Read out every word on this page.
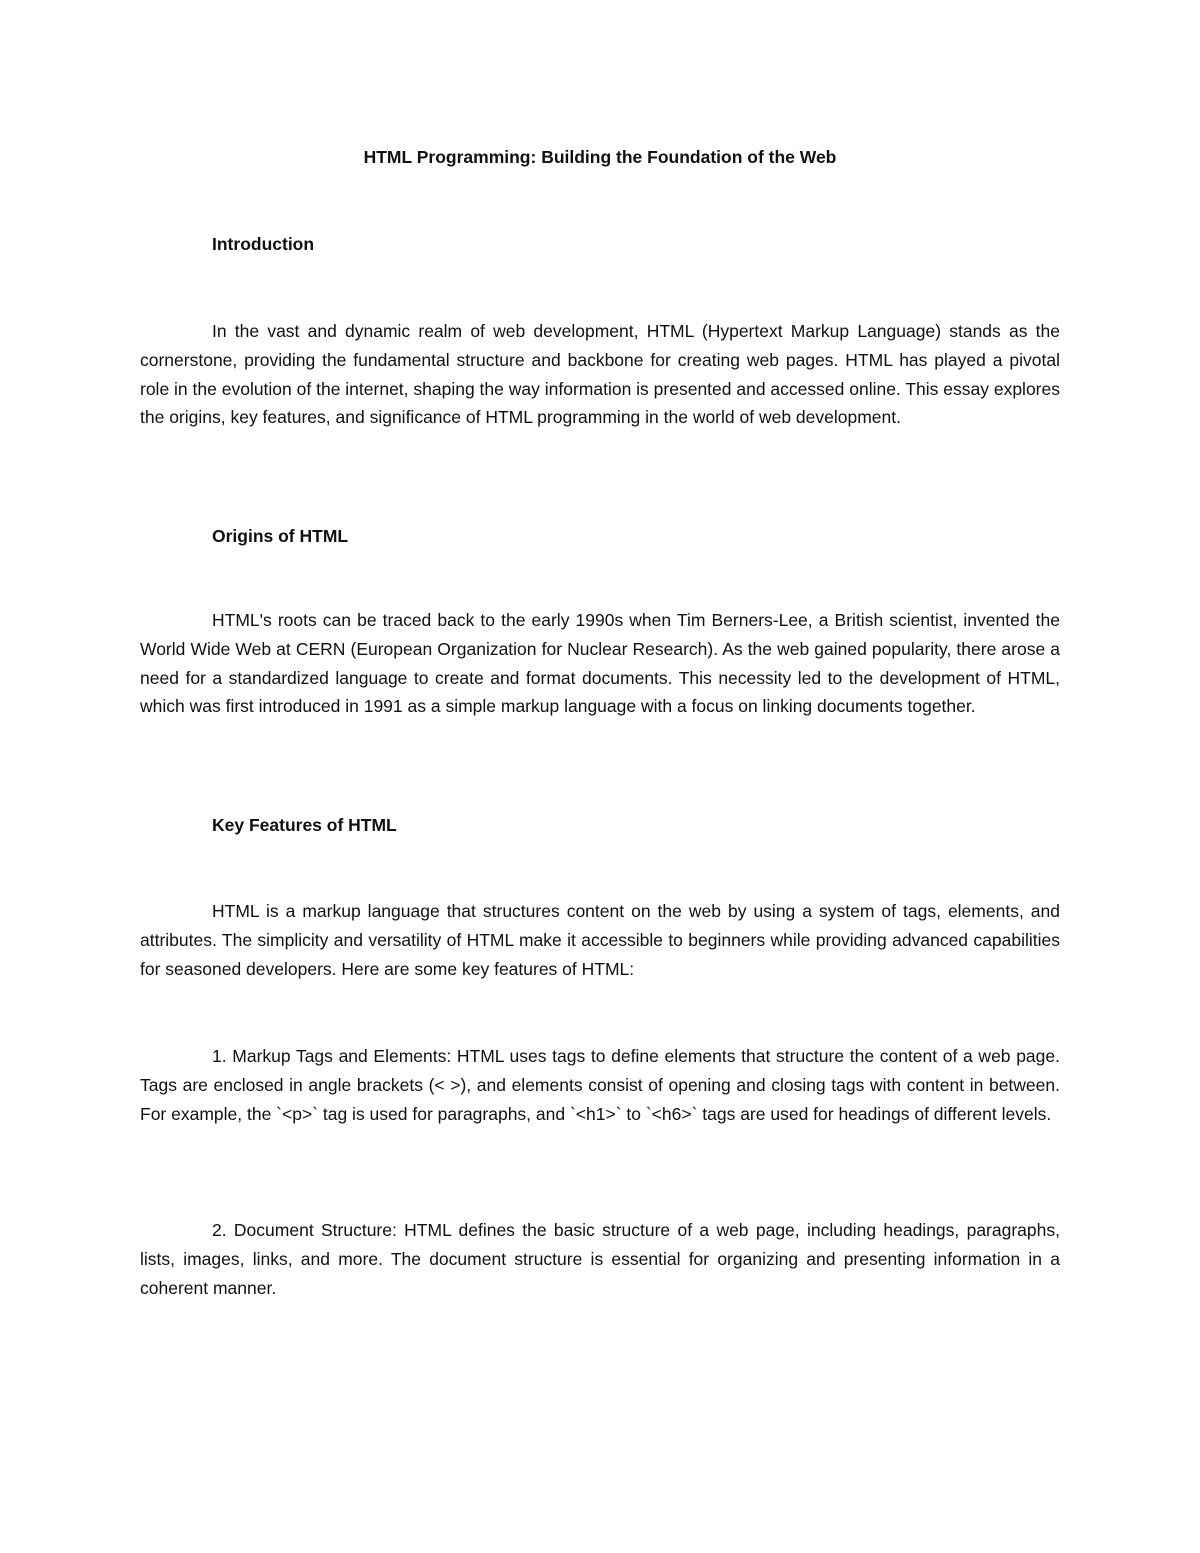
HTML Programming: Building the Foundation of the Web
Introduction

In the vast and dynamic realm of web development, HTML (Hypertext Markup Language) stands as the cornerstone, providing the fundamental structure and backbone for creating web pages. HTML has played a pivotal role in the evolution of the internet, shaping the way information is presented and accessed online. This essay explores the origins, key features, and significance of HTML programming in the world of web development.

Origins of HTML

HTML's roots can be traced back to the early 1990s when Tim Berners-Lee, a British scientist, invented the World Wide Web at CERN (European Organization for Nuclear Research). As the web gained popularity, there arose a need for a standardized language to create and format documents. This necessity led to the development of HTML, which was first introduced in 1991 as a simple markup language with a focus on linking documents together.

Key Features of HTML

HTML is a markup language that structures content on the web by using a system of tags, elements, and attributes. The simplicity and versatility of HTML make it accessible to beginners while providing advanced capabilities for seasoned developers. Here are some key features of HTML:

1. Markup Tags and Elements: HTML uses tags to define elements that structure the content of a web page. Tags are enclosed in angle brackets (< >), and elements consist of opening and closing tags with content in between. For example, the `<p>` tag is used for paragraphs, and `<h1>` to `<h6>` tags are used for headings of different levels.

2. Document Structure: HTML defines the basic structure of a web page, including headings, paragraphs, lists, images, links, and more. The document structure is essential for organizing and presenting information in a coherent manner.
